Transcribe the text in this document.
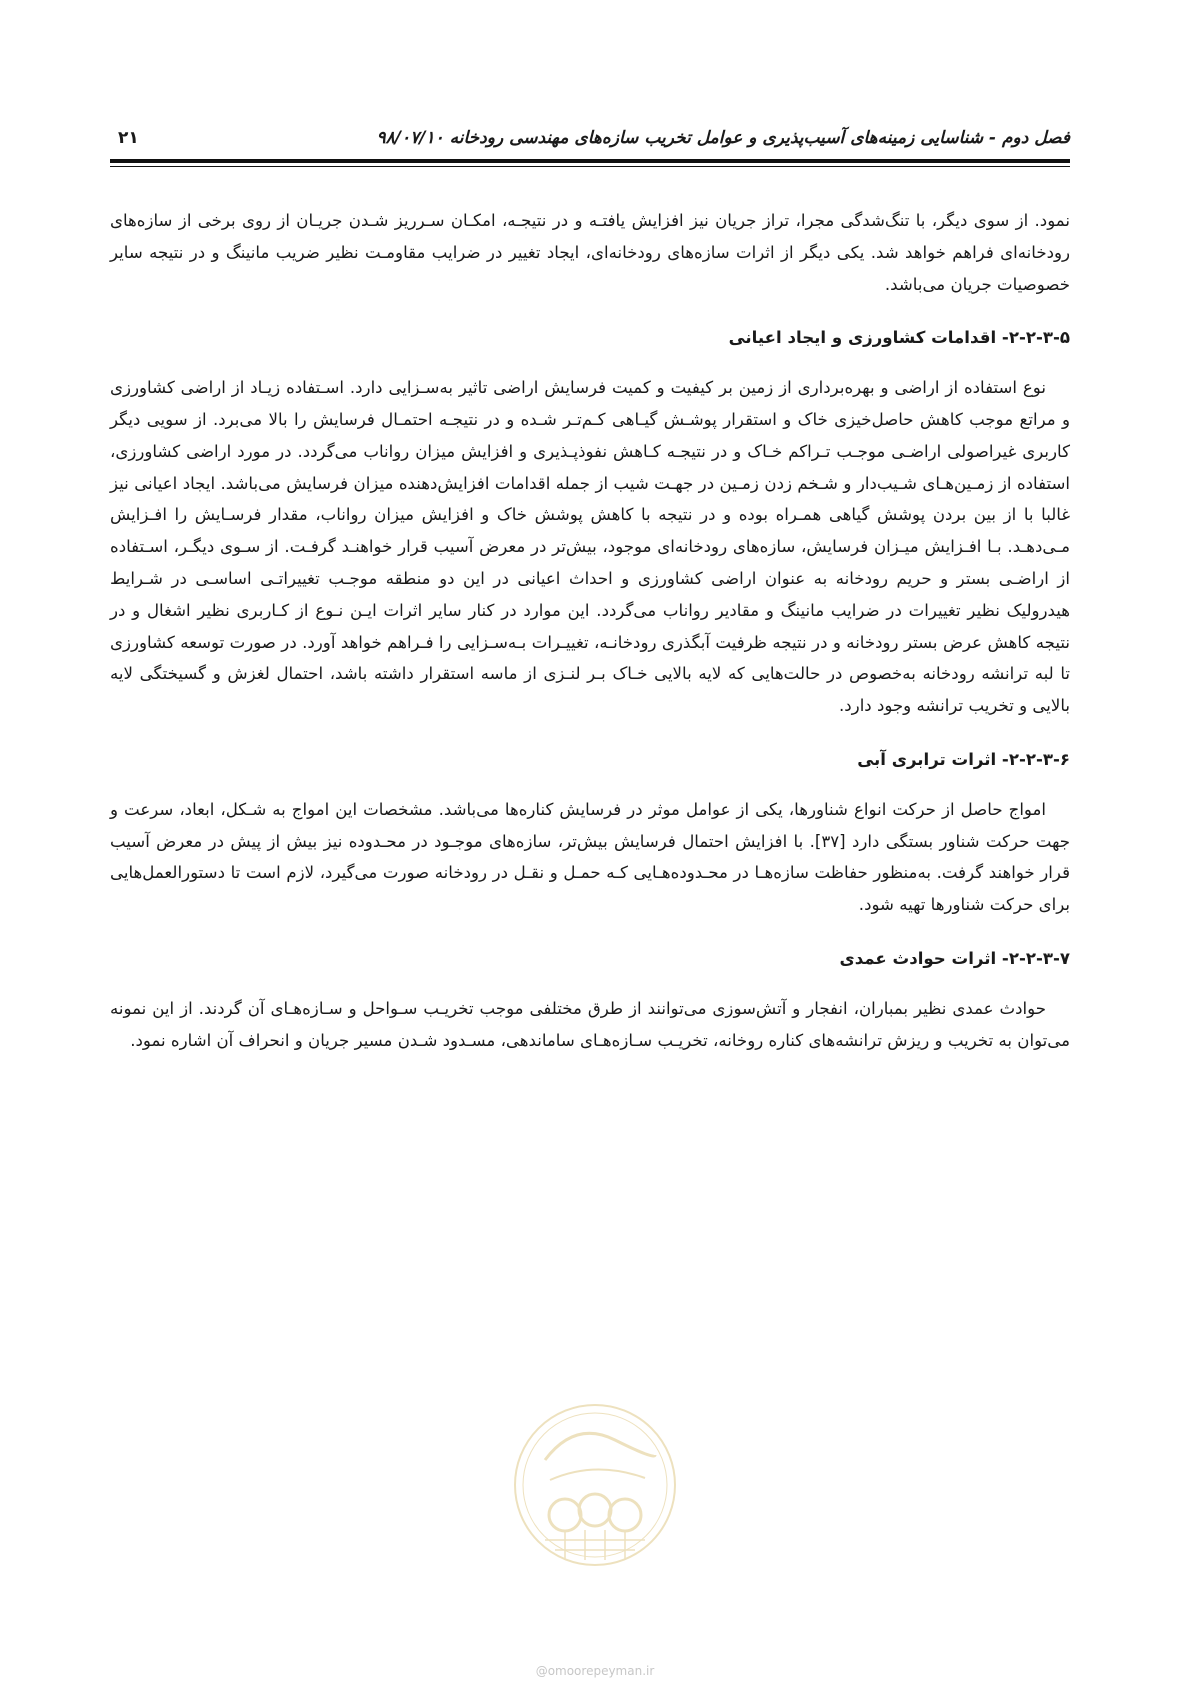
فصل دوم - شناسایی زمینه‌های آسیب‌پذیری و عوامل تخریب سازه‌های مهندسی رودخانه ۹۸/۰۷/۱۰
۲۱

نمود. از سوی دیگر، با تنگ‌شدگی مجرا، تراز جریان نیز افزایش یافتـه و در نتیجـه، امکـان سـرریز شـدن جریـان از روی برخی از سازه‌های رودخانه‌ای فراهم خواهد شد. یکی دیگر از اثرات سازه‌های رودخانه‌ای، ایجاد تغییر در ضرایب مقاومـت نظیر ضریب مانینگ و در نتیجه سایر خصوصیات جریان می‌باشد.

۲-۲-۳-۵- اقدامات کشاورزی و ایجاد اعیانی

نوع استفاده از اراضی و بهره‌برداری از زمین بر کیفیت و کمیت فرسایش اراضی تاثیر به‌سـزایی دارد. اسـتفاده زیـاد از اراضی کشاورزی و مراتع موجب کاهش حاصل‌خیزی خاک و استقرار پوشـش گیـاهی کـم‌تـر شـده و در نتیجـه احتمـال فرسایش را بالا می‌برد. از سویی دیگر کاربری غیراصولی اراضـی موجـب تـراکم خـاک و در نتیجـه کـاهش نفوذپـذیری و افزایش میزان رواناب می‌گردد. در مورد اراضی کشاورزی، استفاده از زمـین‌هـای شـیب‌دار و شـخم زدن زمـین در جهـت شیب از جمله اقدامات افزایش‌دهنده میزان فرسایش می‌باشد. ایجاد اعیانی نیز غالبا با از بین بردن پوشش گیاهی همـراه بوده و در نتیجه با کاهش پوشش خاک و افزایش میزان رواناب، مقدار فرسـایش را افـزایش مـی‌دهـد. بـا افـزایش میـزان فرسایش، سازه‌های رودخانه‌ای موجود، بیش‌تر در معرض آسیب قرار خواهنـد گرفـت. از سـوی دیگـر، اسـتفاده از اراضـی بستر و حریم رودخانه به عنوان اراضی کشاورزی و احداث اعیانی در این دو منطقه موجـب تغییراتـی اساسـی در شـرایط هیدرولیک نظیر تغییرات در ضرایب مانینگ و مقادیر رواناب می‌گردد. این موارد در کنار سایر اثرات ایـن نـوع از کـاربری نظیر اشغال و در نتیجه کاهش عرض بستر رودخانه و در نتیجه ظرفیت آبگذری رودخانـه، تغییـرات بـه‌سـزایی را فـراهم خواهد آورد. در صورت توسعه کشاورزی تا لبه ترانشه رودخانه به‌خصوص در حالت‌هایی که لایه بالایی خـاک بـر لنـزی از ماسه استقرار داشته باشد، احتمال لغزش و گسیختگی لایه بالایی و تخریب ترانشه وجود دارد.

۲-۲-۳-۶- اثرات ترابری آبی

امواج حاصل از حرکت انواع شناورها، یکی از عوامل موثر در فرسایش کناره‌ها می‌باشد. مشخصات این امواج به شـکل، ابعاد، سرعت و جهت حرکت شناور بستگی دارد [۳۷]. با افزایش احتمال فرسایش بیش‌تر، سازه‌های موجـود در محـدوده نیز بیش از پیش در معرض آسیب قرار خواهند گرفت. به‌منظور حفاظت سازه‌هـا در محـدوده‌هـایی کـه حمـل و نقـل در رودخانه صورت می‌گیرد، لازم است تا دستورالعمل‌هایی برای حرکت شناورها تهیه شود.

۲-۲-۳-۷- اثرات حوادث عمدی

حوادث عمدی نظیر بمباران، انفجار و آتش‌سوزی می‌توانند از طرق مختلفی موجب تخریـب سـواحل و سـازه‌هـای آن گردند. از این نمونه می‌توان به تخریب و ریزش ترانشه‌های کناره روخانه، تخریـب سـازه‌هـای ساماندهی، مسـدود شـدن مسیر جریان و انحراف آن اشاره نمود.

@omoorepeyman.ir
